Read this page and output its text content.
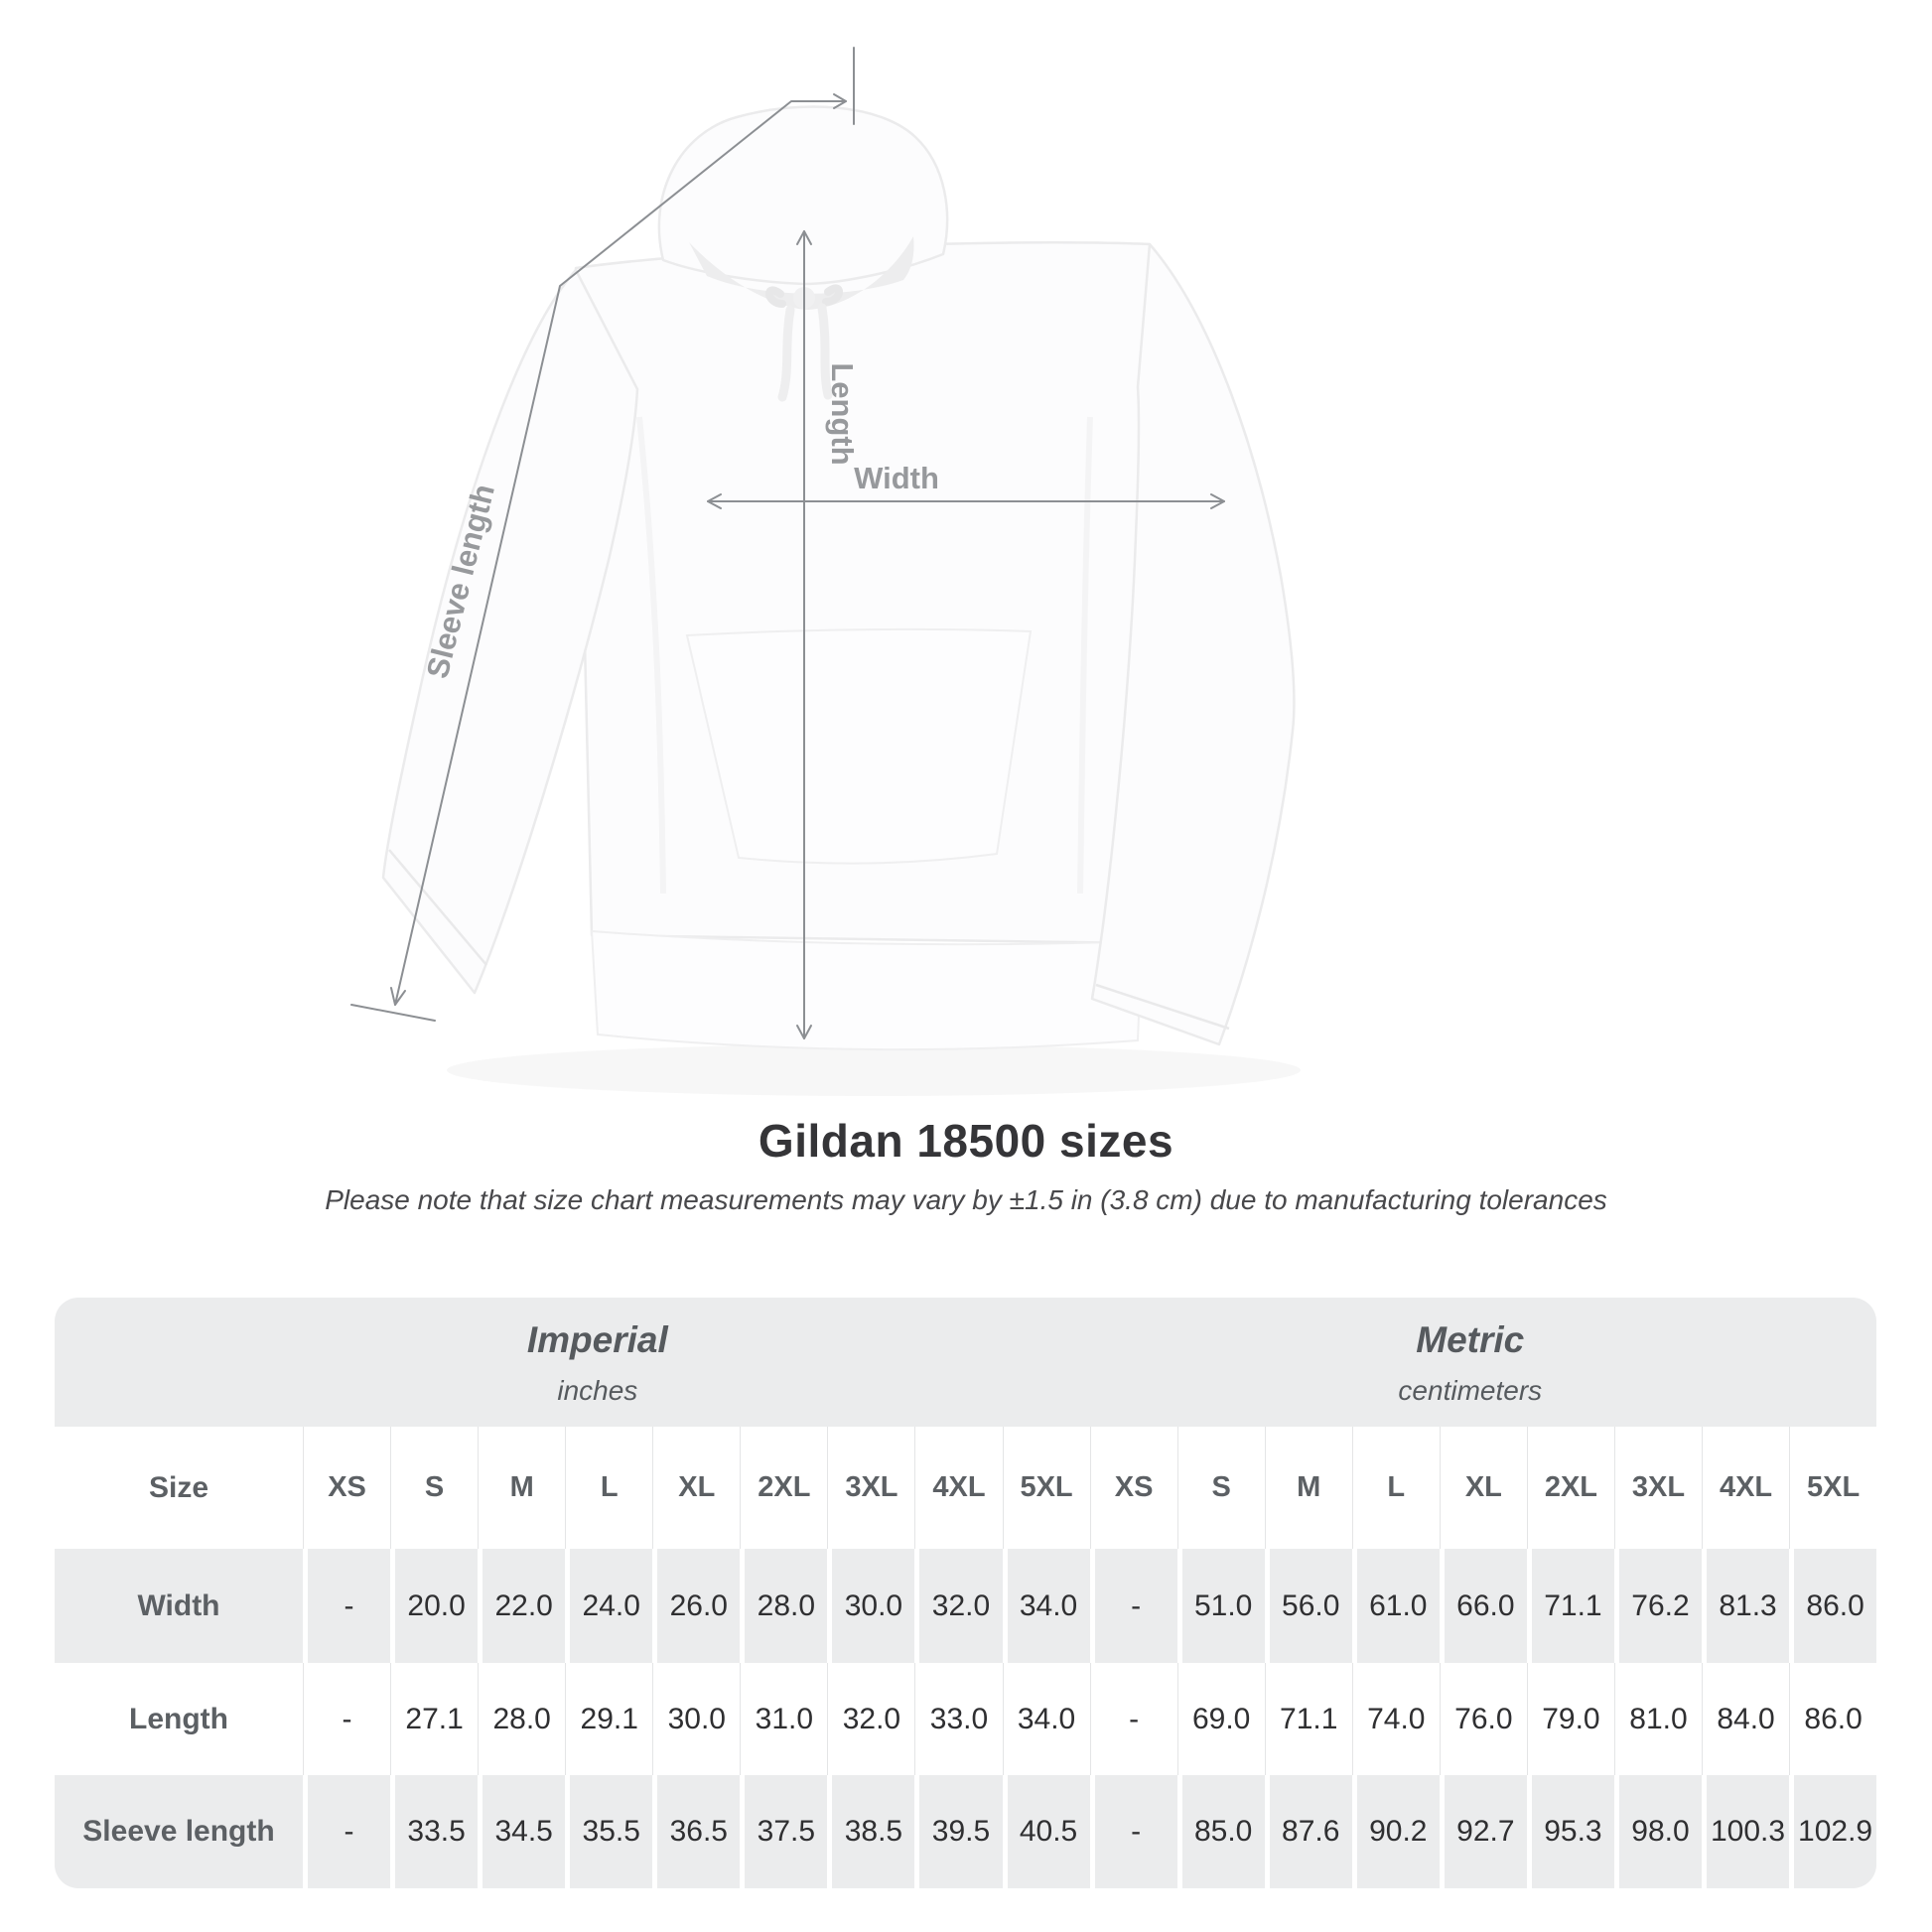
Sleeve length
Length
Width
Gildan 18500 sizes

Please note that size chart measurements may vary by ±1.5 in (3.8 cm) due to manufacturing tolerances

Imperial
inches
Metric
centimeters
Size	XS	S	M	L	XL	2XL	3XL	4XL	5XL	XS	S	M	L	XL	2XL	3XL	4XL	5XL
Width	-	20.0 22.0 24.0 26.0 28.0 30.0 32.0 34.0	-	51.0 56.0 61.0 66.0 71.1 76.2 81.3 86.0
Length	-	27.1 28.0 29.1 30.0 31.0 32.0 33.0 34.0	-	69.0 71.1 74.0 76.0 79.0 81.0 84.0 86.0
Sleeve length	-	33.5 34.5 35.5 36.5 37.5 38.5 39.5 40.5	-	85.0 87.6 90.2 92.7 95.3 98.0 100.3 102.9
